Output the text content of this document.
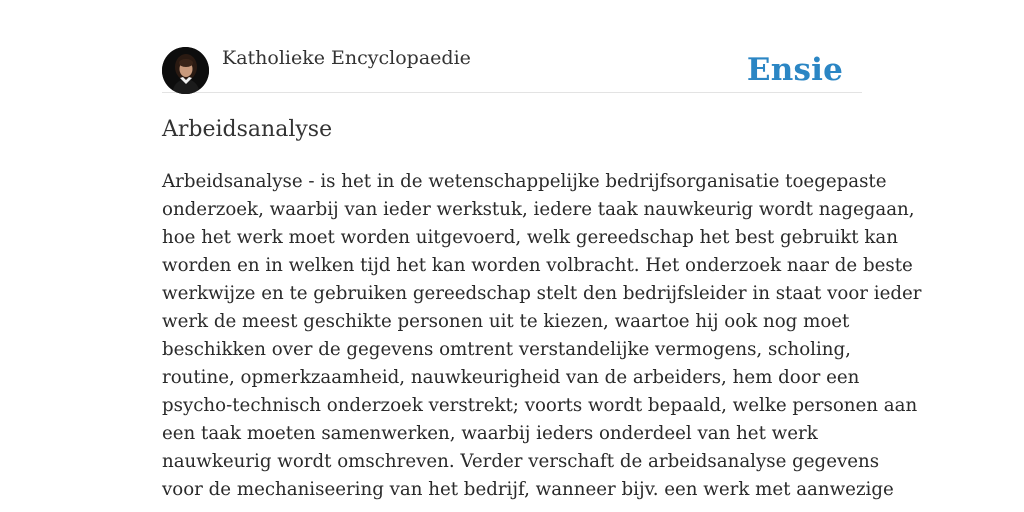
Katholieke Encyclopaedie	Ensie
Arbeidsanalyse

Arbeidsanalyse - is het in de wetenschappelijke bedrijfsorganisatie toegepaste
onderzoek, waarbij van ieder werkstuk, iedere taak nauwkeurig wordt nagegaan,
hoe het werk moet worden uitgevoerd, welk gereedschap het best gebruikt kan
worden en in welken tijd het kan worden volbracht. Het onderzoek naar de beste
werkwijze en te gebruiken gereedschap stelt den bedrijfsleider in staat voor ieder
werk de meest geschikte personen uit te kiezen, waartoe hij ook nog moet
beschikken over de gegevens omtrent verstandelijke vermogens, scholing,
routine, opmerkzaamheid, nauwkeurigheid van de arbeiders, hem door een
psycho-technisch onderzoek verstrekt; voorts wordt bepaald, welke personen aan
een taak moeten samenwerken, waarbij ieders onderdeel van het werk
nauwkeurig wordt omschreven. Verder verschaft de arbeidsanalyse gegevens
voor de mechaniseering van het bedrijf, wanneer bijv. een werk met aanwezige
